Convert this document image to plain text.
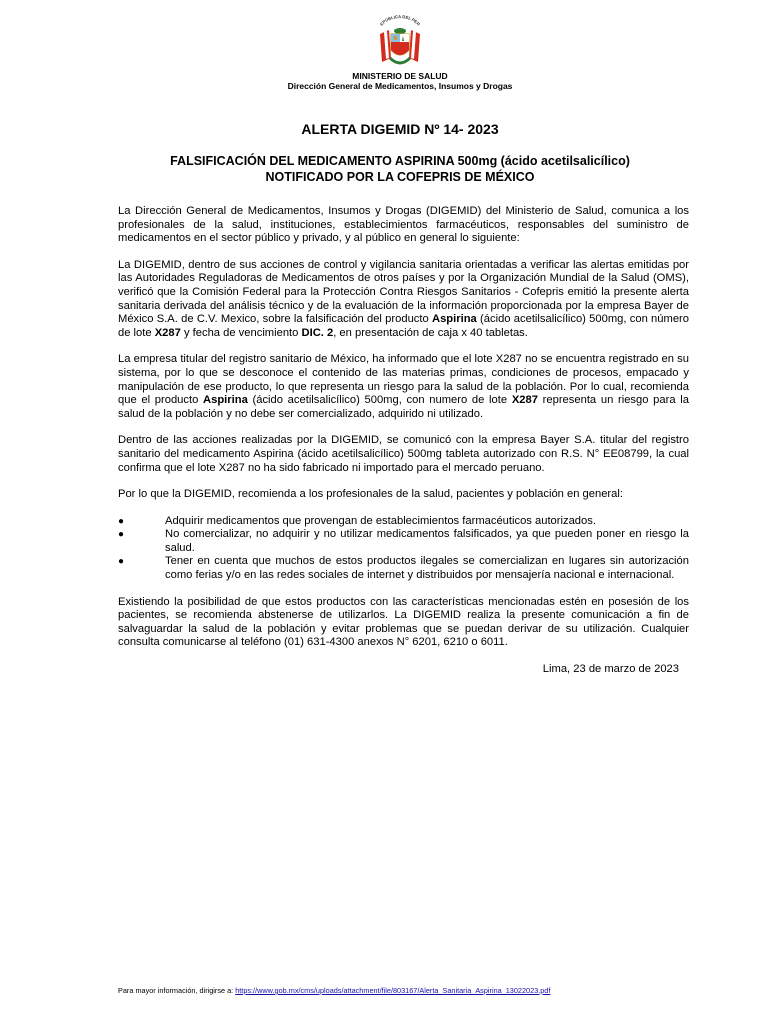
EPÚBLICA DEL PER
MINISTERIO DE SALUD
Dirección General de Medicamentos, Insumos y Drogas
ALERTA DIGEMID Nº 14- 2023
FALSIFICACIÓN DEL MEDICAMENTO ASPIRINA 500mg (ácido acetilsalicílico)
NOTIFICADO POR LA COFEPRIS DE MÉXICO

La Dirección General de Medicamentos, Insumos y Drogas (DIGEMID) del Ministerio de Salud, comunica a los profesionales de la salud, instituciones, establecimientos farmacéuticos, responsables del suministro de medicamentos en el sector público y privado, y al público en general lo siguiente:

La DIGEMID, dentro de sus acciones de control y vigilancia sanitaria orientadas a verificar las alertas emitidas por las Autoridades Reguladoras de Medicamentos de otros países y por la Organización Mundial de la Salud (OMS), verificó que la Comisión Federal para la Protección Contra Riesgos Sanitarios - Cofepris emitió la presente alerta sanitaria derivada del análisis técnico y de la evaluación de la información proporcionada por la empresa Bayer de México S.A. de C.V. Mexico, sobre la falsificación del producto Aspirina (ácido acetilsalicílico) 500mg, con número de lote X287 y fecha de vencimiento DIC. 2, en presentación de caja x 40 tabletas.

La empresa titular del registro sanitario de México, ha informado que el lote X287 no se encuentra registrado en su sistema, por lo que se desconoce el contenido de las materias primas, condiciones de procesos, empacado y manipulación de ese producto, lo que representa un riesgo para la salud de la población. Por lo cual, recomienda que el producto Aspirina (ácido acetilsalicílico) 500mg, con numero de lote X287 representa un riesgo para la salud de la población y no debe ser comercializado, adquirido ni utilizado.

Dentro de las acciones realizadas por la DIGEMID, se comunicó con la empresa Bayer S.A. titular del registro sanitario del medicamento Aspirina (ácido acetilsalicílico) 500mg tableta autorizado con R.S. N° EE08799, la cual confirma que el lote X287 no ha sido fabricado ni importado para el mercado peruano.

Por lo que la DIGEMID, recomienda a los profesionales de la salud, pacientes y población en general:

●	Adquirir medicamentos que provengan de establecimientos farmacéuticos autorizados.
●	No comercializar, no adquirir y no utilizar medicamentos falsificados, ya que pueden poner en riesgo la salud.
●	Tener en cuenta que muchos de estos productos ilegales se comercializan en lugares sin autorización como ferias y/o en las redes sociales de internet y distribuidos por mensajería nacional e internacional.

Existiendo la posibilidad de que estos productos con las características mencionadas estén en posesión de los pacientes, se recomienda abstenerse de utilizarlos. La DIGEMID realiza la presente comunicación a fin de salvaguardar la salud de la población y evitar problemas que se puedan derivar de su utilización. Cualquier consulta comunicarse al teléfono (01) 631-4300 anexos N° 6201, 6210 o 6011.

Lima, 23 de marzo de 2023

Para mayor información, dirigirse a: https://www.gob.mx/cms/uploads/attachment/file/803167/Alerta_Sanitaria_Aspirina_13022023.pdf
